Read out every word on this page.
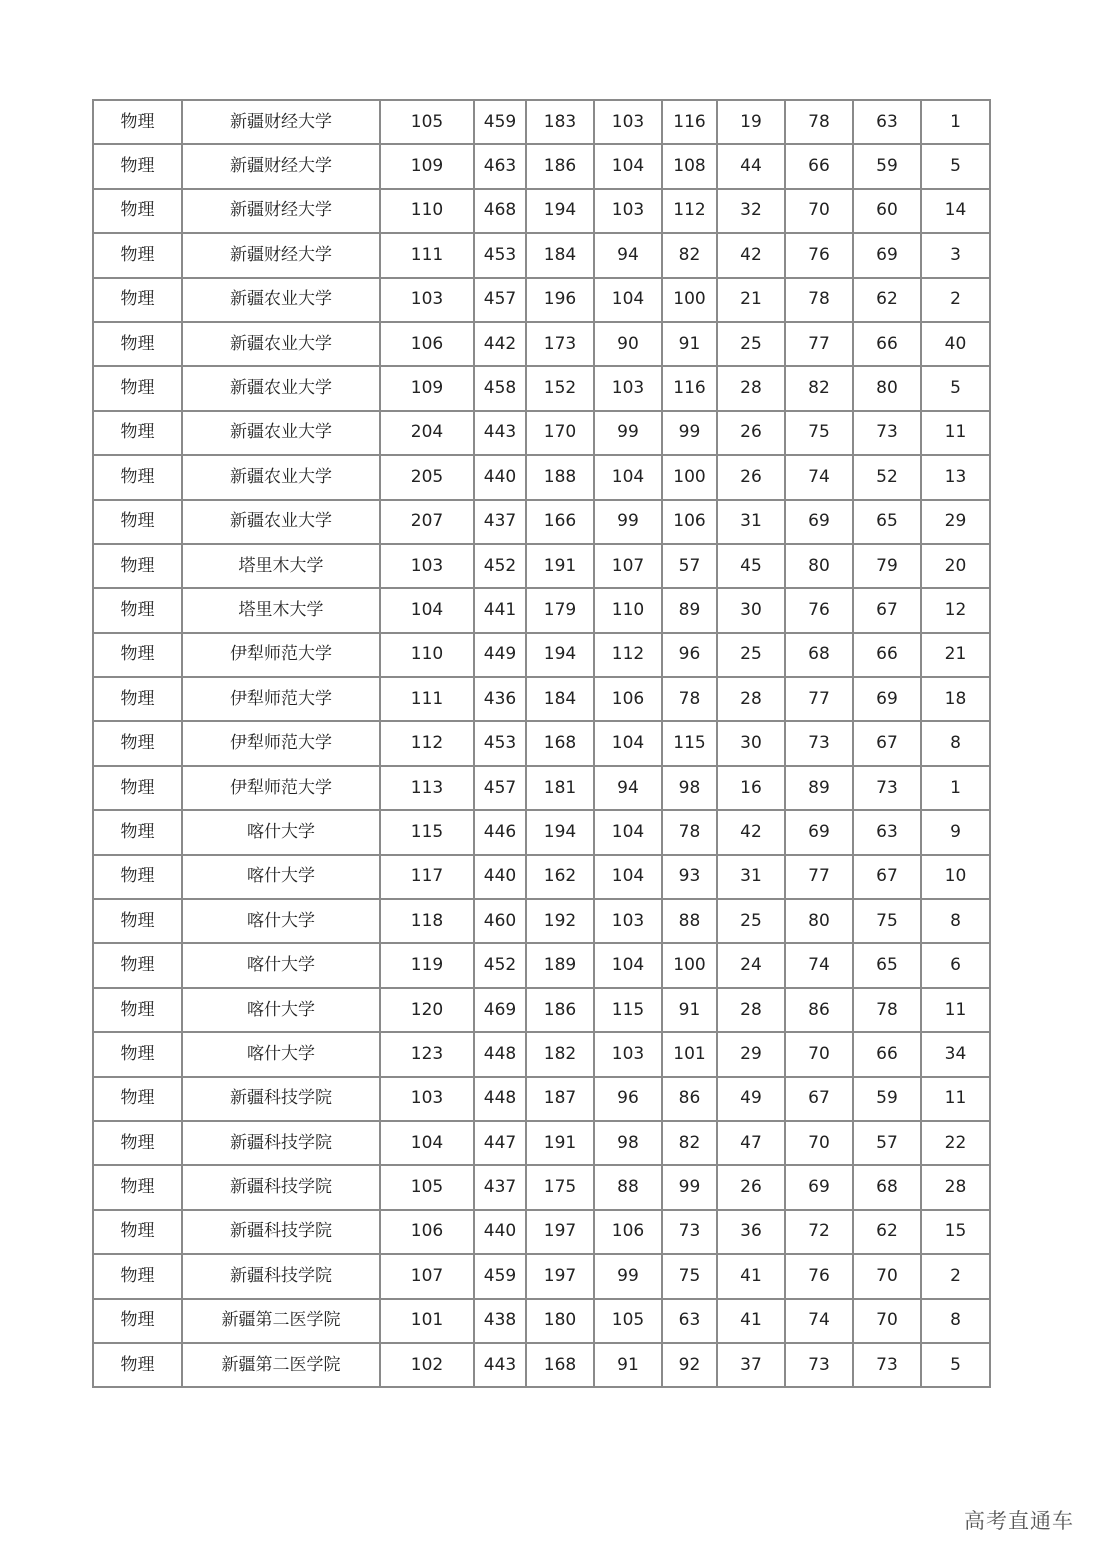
物理	新疆财经大学	105	459	183	103	116	19	78	63	1
物理	新疆财经大学	109	463	186	104	108	44	66	59	5
物理	新疆财经大学	110	468	194	103	112	32	70	60	14
物理	新疆财经大学	111	453	184	94	82	42	76	69	3
物理	新疆农业大学	103	457	196	104	100	21	78	62	2
物理	新疆农业大学	106	442	173	90	91	25	77	66	40
物理	新疆农业大学	109	458	152	103	116	28	82	80	5
物理	新疆农业大学	204	443	170	99	99	26	75	73	11
物理	新疆农业大学	205	440	188	104	100	26	74	52	13
物理	新疆农业大学	207	437	166	99	106	31	69	65	29
物理	塔里木大学	103	452	191	107	57	45	80	79	20
物理	塔里木大学	104	441	179	110	89	30	76	67	12
物理	伊犁师范大学	110	449	194	112	96	25	68	66	21
物理	伊犁师范大学	111	436	184	106	78	28	77	69	18
物理	伊犁师范大学	112	453	168	104	115	30	73	67	8
物理	伊犁师范大学	113	457	181	94	98	16	89	73	1
物理	喀什大学	115	446	194	104	78	42	69	63	9
物理	喀什大学	117	440	162	104	93	31	77	67	10
物理	喀什大学	118	460	192	103	88	25	80	75	8
物理	喀什大学	119	452	189	104	100	24	74	65	6
物理	喀什大学	120	469	186	115	91	28	86	78	11
物理	喀什大学	123	448	182	103	101	29	70	66	34
物理	新疆科技学院	103	448	187	96	86	49	67	59	11
物理	新疆科技学院	104	447	191	98	82	47	70	57	22
物理	新疆科技学院	105	437	175	88	99	26	69	68	28
物理	新疆科技学院	106	440	197	106	73	36	72	62	15
物理	新疆科技学院	107	459	197	99	75	41	76	70	2
物理	新疆第二医学院	101	438	180	105	63	41	74	70	8
物理	新疆第二医学院	102	443	168	91	92	37	73	73	5
高考直通车
